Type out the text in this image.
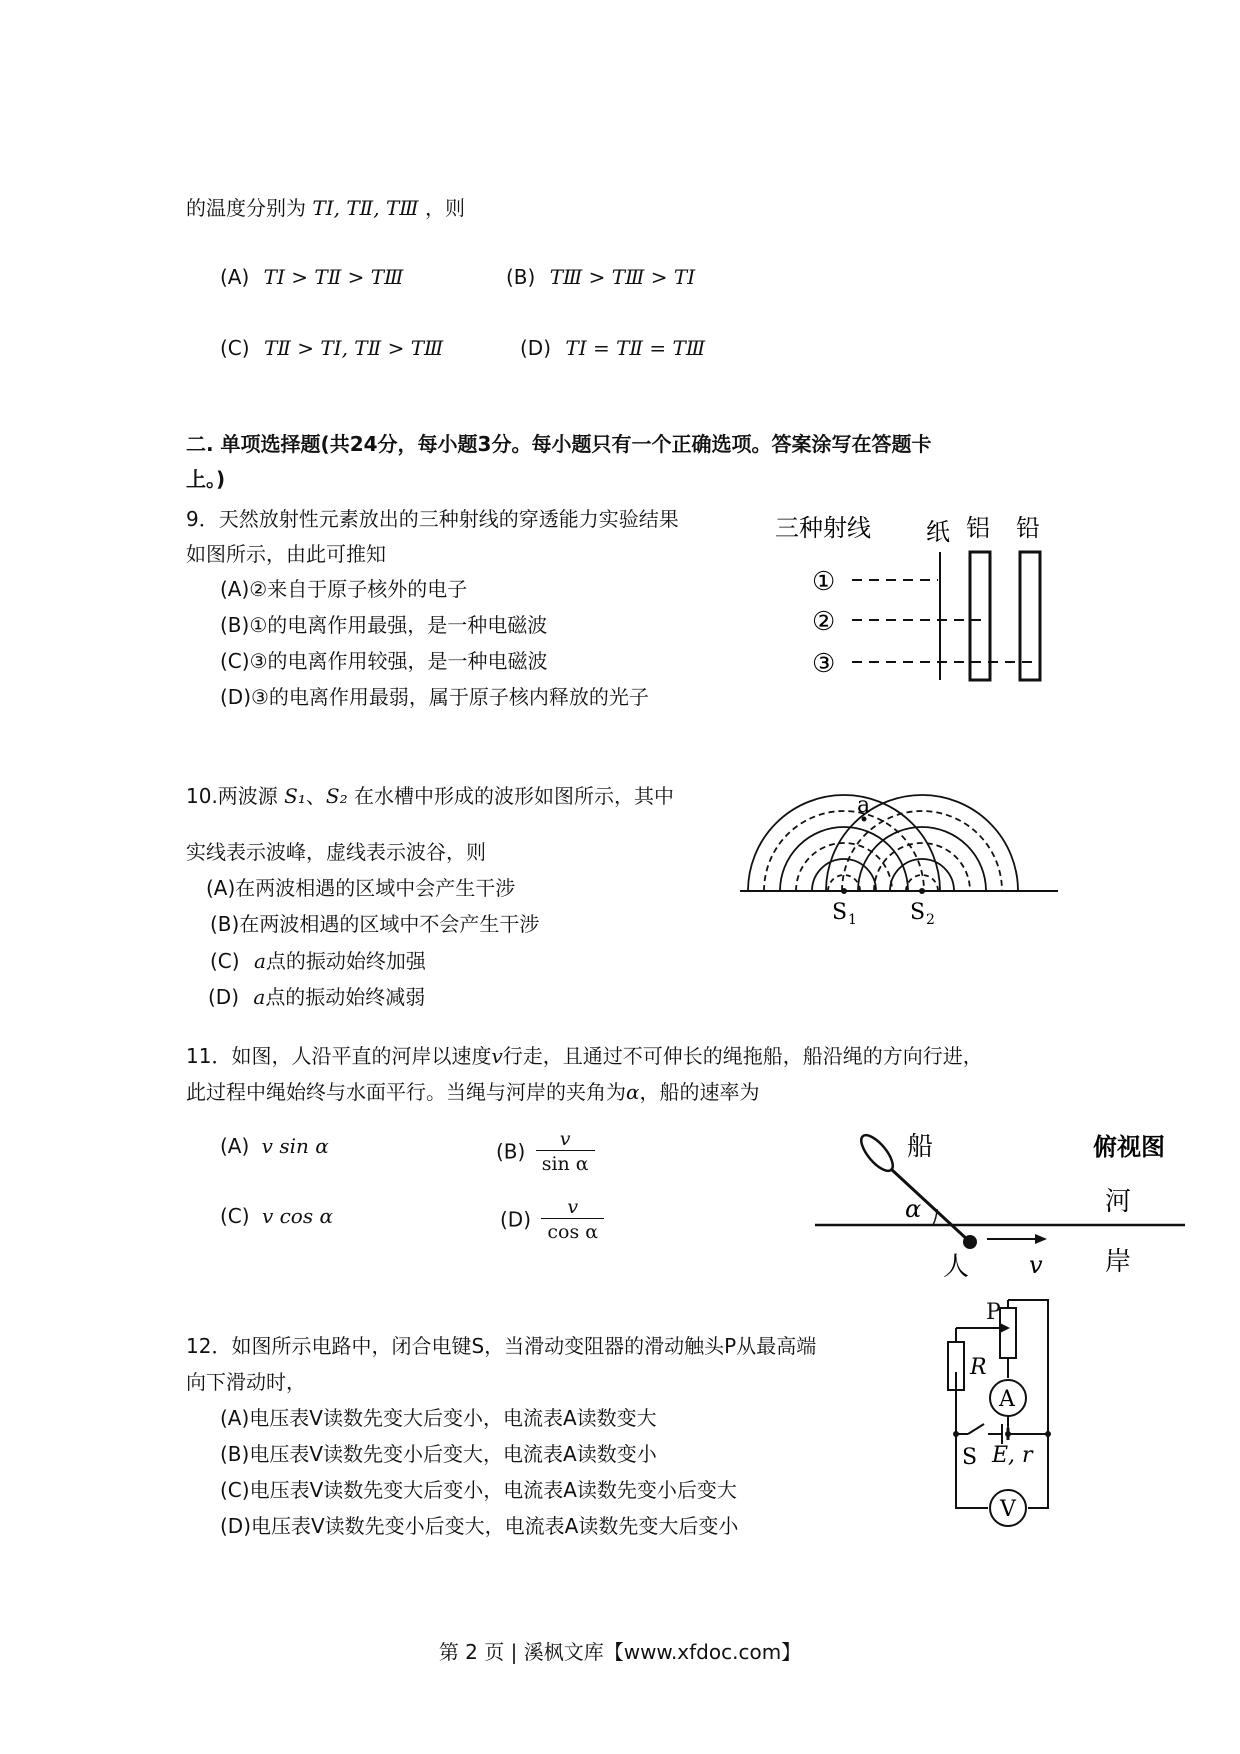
的温度分别为 TⅠ, TⅡ, TⅢ ，则
(A) TⅠ > TⅡ > TⅢ	(B) TⅢ > TⅢ > TⅠ
(C) TⅡ > TⅠ, TⅡ > TⅢ	(D) TⅠ = TⅡ = TⅢ
二. 单项选择题(共24分，每小题3分。每小题只有一个正确选项。答案涂写在答题卡
上。)
9．天然放射性元素放出的三种射线的穿透能力实验结果
如图所示，由此可推知
(A)②来自于原子核外的电子
(B)①的电离作用最强，是一种电磁波
(C)③的电离作用较强，是一种电磁波
(D)③的电离作用最弱，属于原子核内释放的光子
三种射线 纸 铝 铅
①
②
③
10.两波源 S₁、S₂ 在水槽中形成的波形如图所示，其中
实线表示波峰，虚线表示波谷，则
(A)在两波相遇的区域中会产生干涉
(B)在两波相遇的区域中不会产生干涉
(C) a点的振动始终加强
(D) a点的振动始终减弱
a
S 1 S 2
11．如图，人沿平直的河岸以速度v行走，且通过不可伸长的绳拖船，船沿绳的方向行进，
此过程中绳始终与水面平行。当绳与河岸的夹角为α，船的速率为
(A) v sin α	$(B) \frac{v}{\text{sin α}}$
(C) v cos α	$(D) \frac{v}{\text{cos α}}$
船	俯视图
河
岸
人
α
v
12．如图所示电路中，闭合电键S，当滑动变阻器的滑动触头P从最高端
向下滑动时，
(A)电压表V读数先变大后变小，电流表A读数变大
(B)电压表V读数先变小后变大，电流表A读数变小
(C)电压表V读数先变大后变小，电流表A读数先变小后变大
(D)电压表V读数先变小后变大，电流表A读数先变大后变小
A
R
S E, r
V
P
第 2 页 | 溪枫文库【www.xfdoc.com】
